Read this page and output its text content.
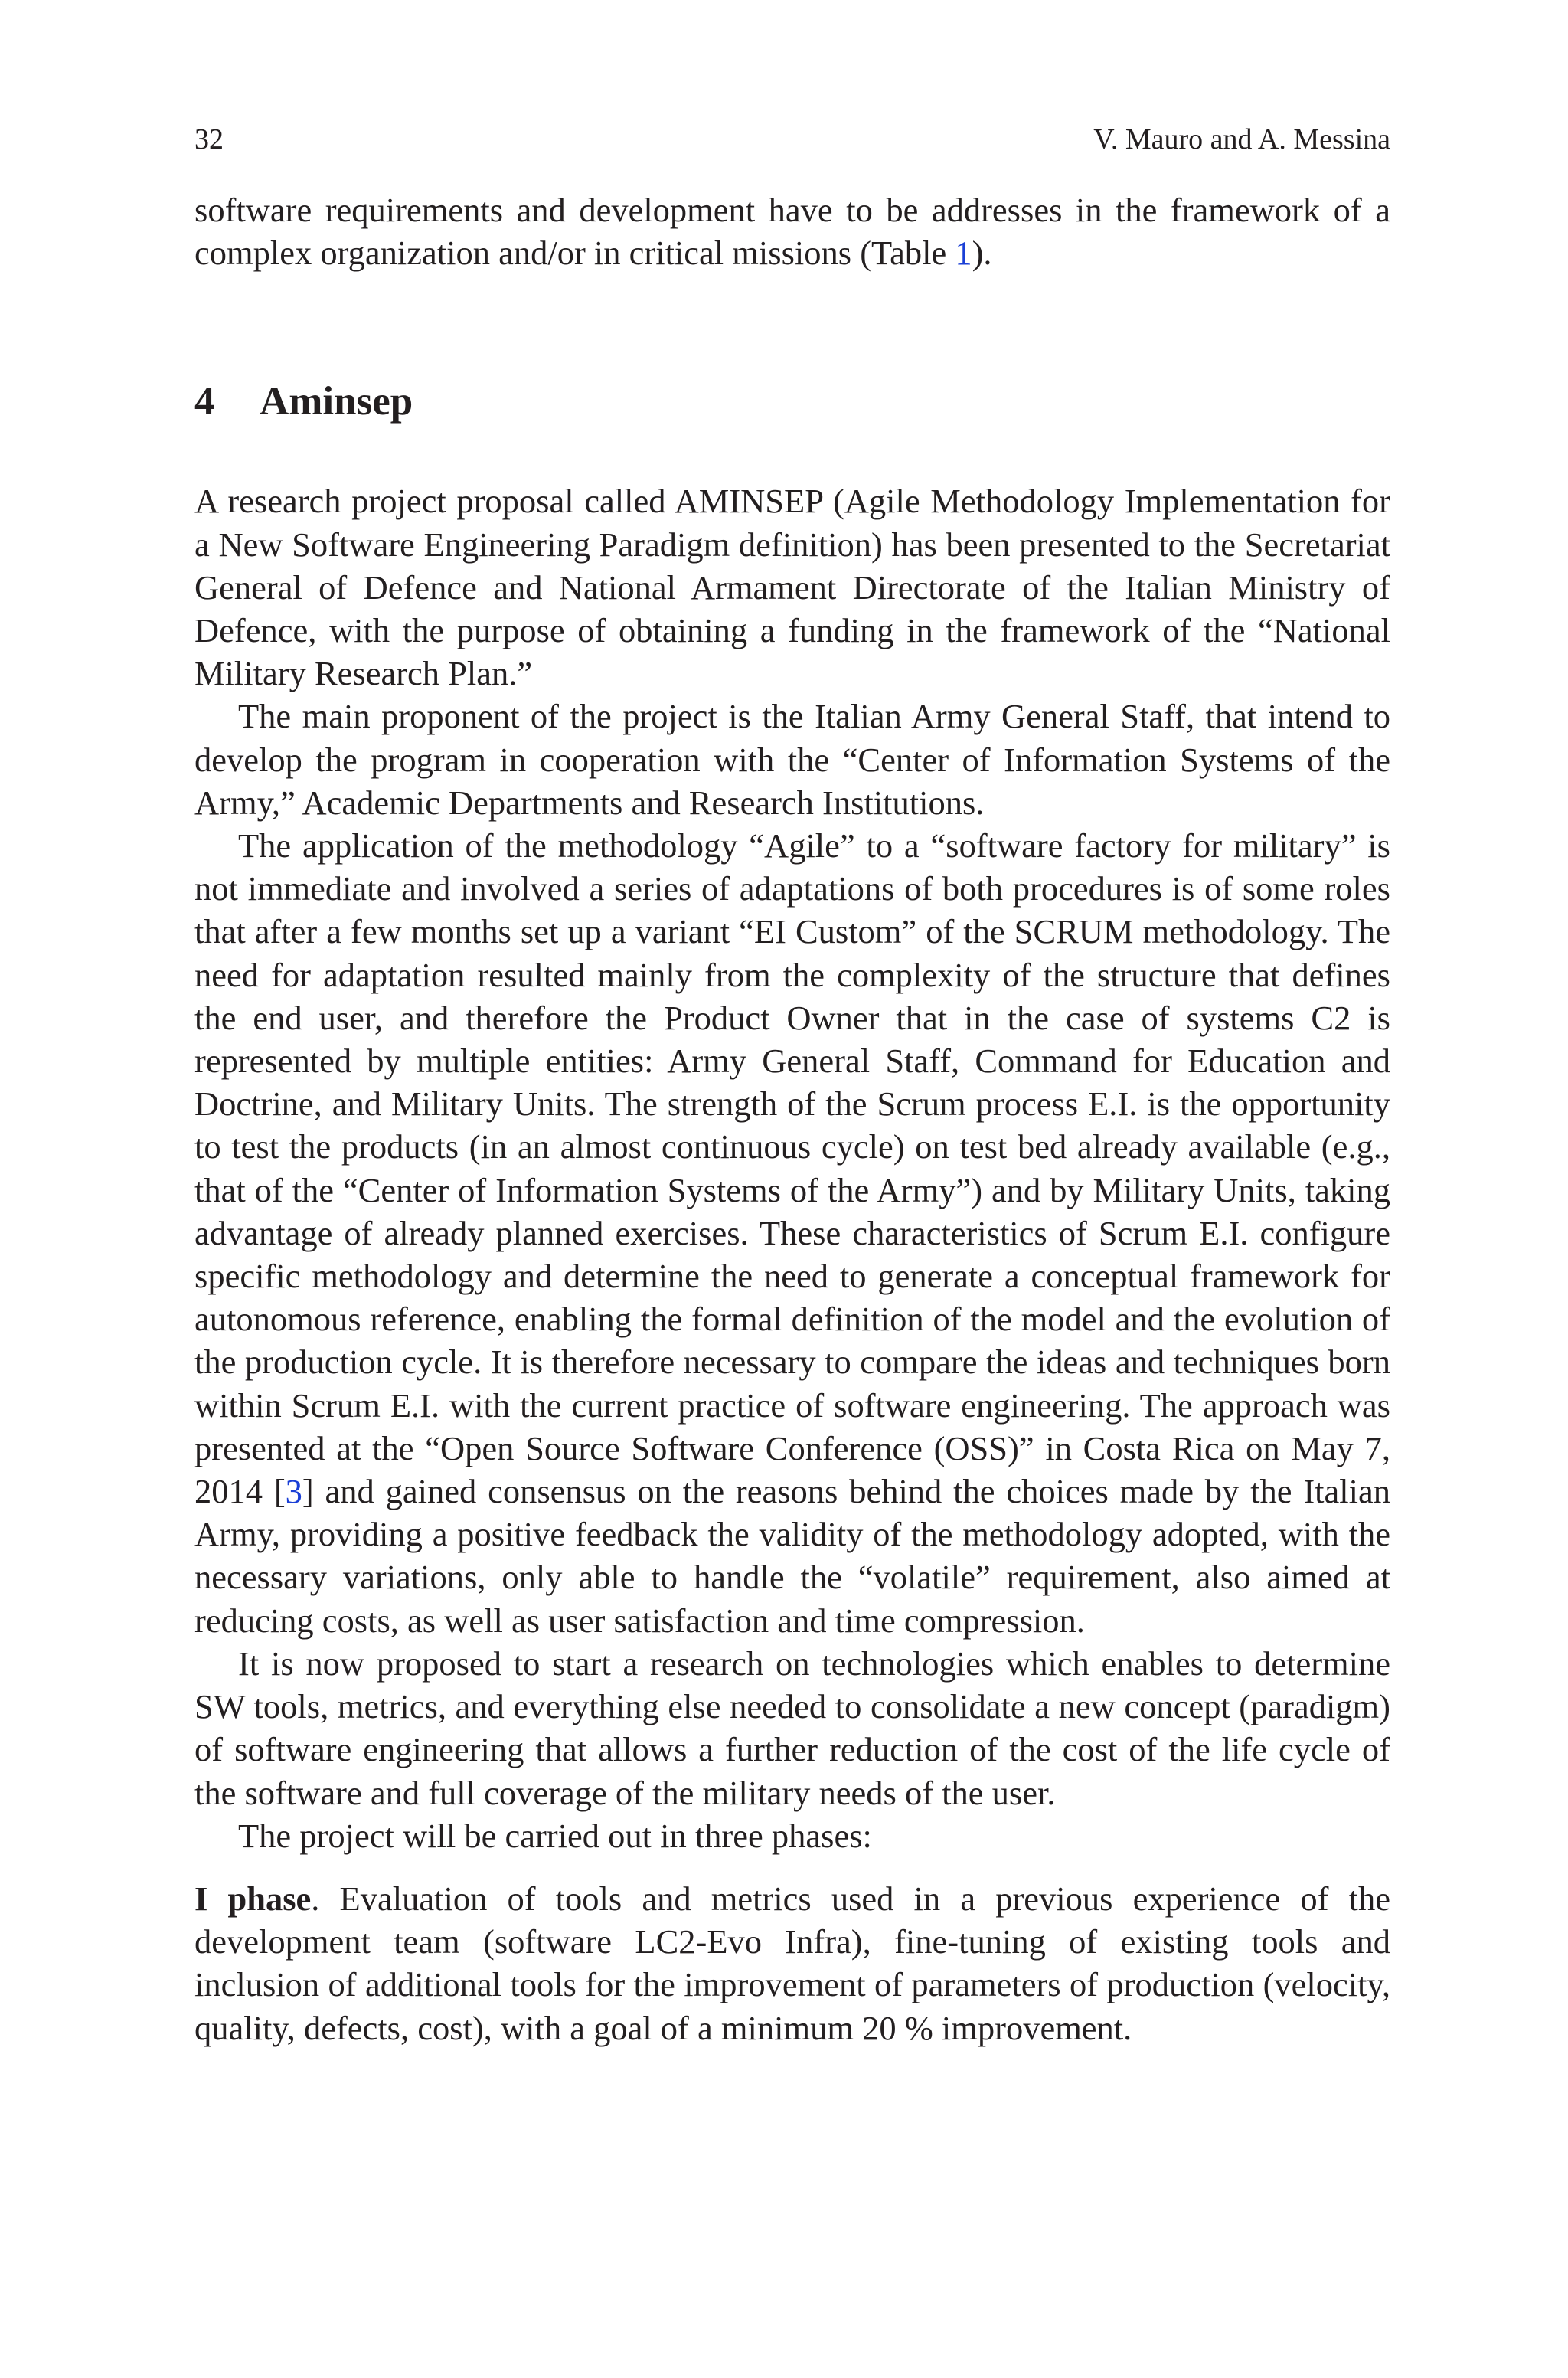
32	V. Mauro and A. Messina

software requirements and development have to be addresses in the framework of a complex organization and/or in critical missions (Table 1).

4 Aminsep

A research project proposal called AMINSEP (Agile Methodology Implementation for a New Software Engineering Paradigm definition) has been presented to the Secretariat General of Defence and National Armament Directorate of the Italian Ministry of Defence, with the purpose of obtaining a funding in the framework of the “National Military Research Plan.”

The main proponent of the project is the Italian Army General Staff, that intend to develop the program in cooperation with the “Center of Information Systems of the Army,” Academic Departments and Research Institutions.

The application of the methodology “Agile” to a “software factory for military” is not immediate and involved a series of adaptations of both procedures is of some roles that after a few months set up a variant “EI Custom” of the SCRUM methodology. The need for adaptation resulted mainly from the complexity of the structure that defines the end user, and therefore the Product Owner that in the case of systems C2 is represented by multiple entities: Army General Staff, Command for Education and Doctrine, and Military Units. The strength of the Scrum process E.I. is the opportunity to test the products (in an almost continuous cycle) on test bed already available (e.g., that of the “Center of Information Systems of the Army”) and by Military Units, taking advantage of already planned exercises. These characteristics of Scrum E.I. configure specific methodology and determine the need to generate a conceptual framework for autonomous reference, enabling the formal definition of the model and the evolution of the production cycle. It is therefore necessary to compare the ideas and techniques born within Scrum E.I. with the current practice of software engineering. The approach was presented at the “Open Source Software Conference (OSS)” in Costa Rica on May 7, 2014 [3] and gained consensus on the reasons behind the choices made by the Italian Army, providing a positive feedback the validity of the methodology adopted, with the necessary variations, only able to handle the “volatile” requirement, also aimed at reducing costs, as well as user satisfaction and time compression.

It is now proposed to start a research on technologies which enables to determine SW tools, metrics, and everything else needed to consolidate a new concept (paradigm) of software engineering that allows a further reduction of the cost of the life cycle of the software and full coverage of the military needs of the user.

The project will be carried out in three phases:

I phase. Evaluation of tools and metrics used in a previous experience of the development team (software LC2-Evo Infra), fine-tuning of existing tools and inclusion of additional tools for the improvement of parameters of production (velocity, quality, defects, cost), with a goal of a minimum 20 % improvement.
